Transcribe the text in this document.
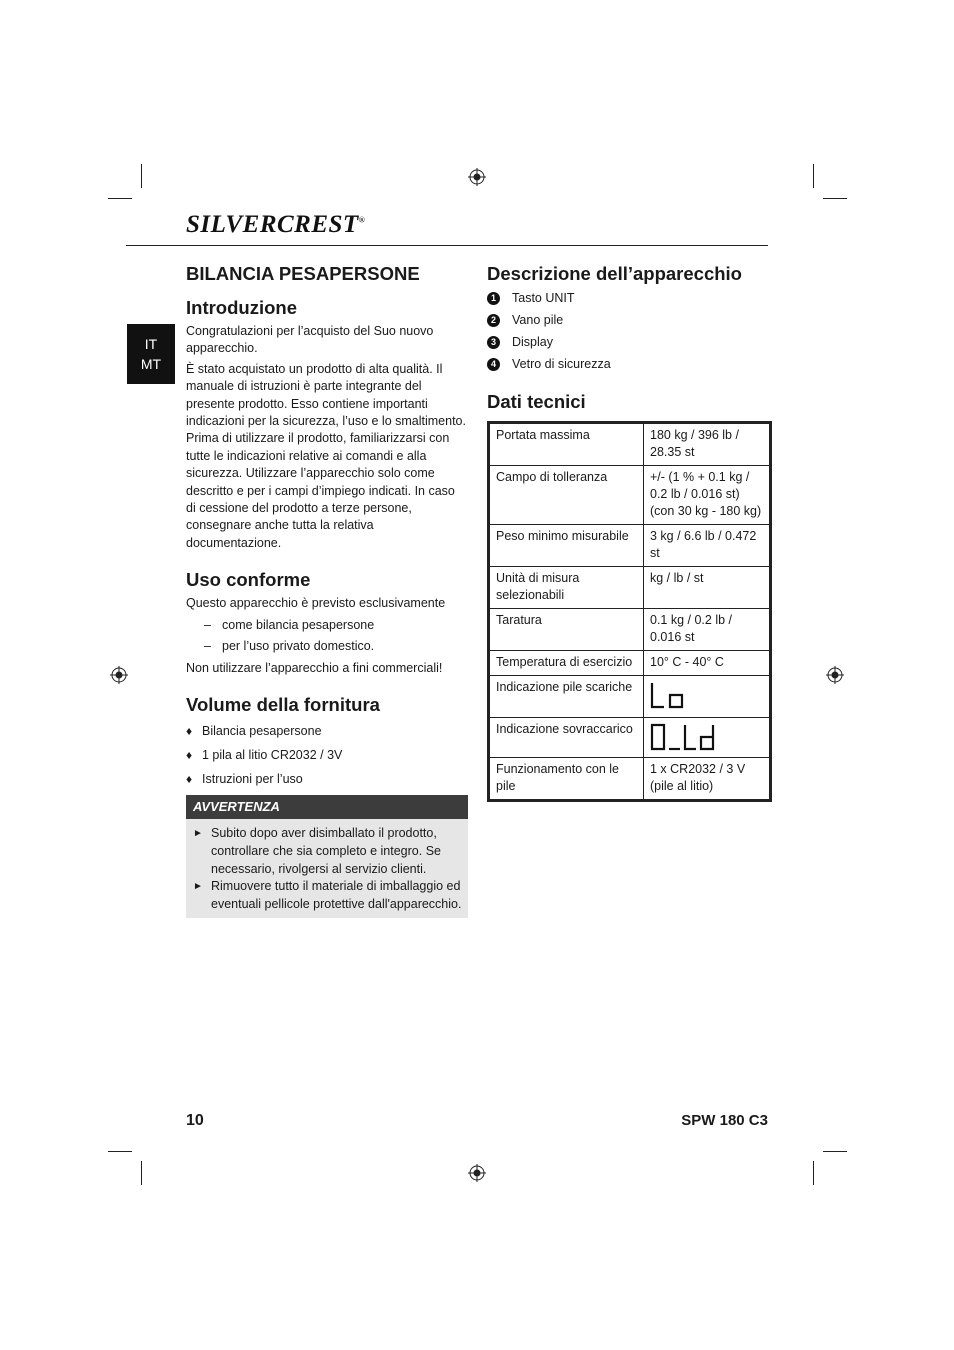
SILVERCREST®
IT
MT
BILANCIA PESAPERSONE
Introduzione

Congratulazioni per l’acquisto del Suo nuovo apparecchio.

È stato acquistato un prodotto di alta qualità. Il manuale di istruzioni è parte integrante del presente prodotto. Esso contiene importanti indicazioni per la sicurezza, l’uso e lo smaltimento. Prima di utilizzare il prodotto, familiarizzarsi con tutte le indicazioni relative ai comandi e alla sicurezza. Utilizzare l’apparecchio solo come descritto e per i campi d’impiego indicati. In caso di cessione del prodotto a terze persone, consegnare anche tutta la relativa documentazione.

Uso conforme

Questo apparecchio è previsto esclusivamente

– come bilancia pesapersone
– per l’uso privato domestico.

Non utilizzare l’apparecchio a fini commerciali!

Volume della fornitura
♦ Bilancia pesapersone
♦ 1 pila al litio CR2032 / 3V
♦ Istruzioni per l’uso
AVVERTENZA
► Subito dopo aver disimballato il prodotto, controllare che sia completo e integro. Se necessario, rivolgersi al servizio clienti.
► Rimuovere tutto il materiale di imballaggio ed eventuali pellicole protettive dall'apparecchio.
Descrizione dell’apparecchio
1	Tasto UNIT
2	Vano pile
3	Display
4	Vetro di sicurezza
Dati tecnici
Portata massima	180 kg / 396 lb / 28.35 st
Campo di tolleranza	+/- (1 % + 0.1 kg / 0.2 lb / 0.016 st) (con 30 kg - 180 kg)
Peso minimo misurabile	3 kg / 6.6 lb / 0.472 st
Unità di misura selezionabili	kg / lb / st
Taratura	0.1 kg / 0.2 lb / 0.016 st
Temperatura di esercizio	10° C - 40° C
Indicazione pile scariche	

Indicazione sovraccarico	

Funzionamento con le pile	1 x CR2032 / 3 V (pile al litio)
10	SPW 180 C3
